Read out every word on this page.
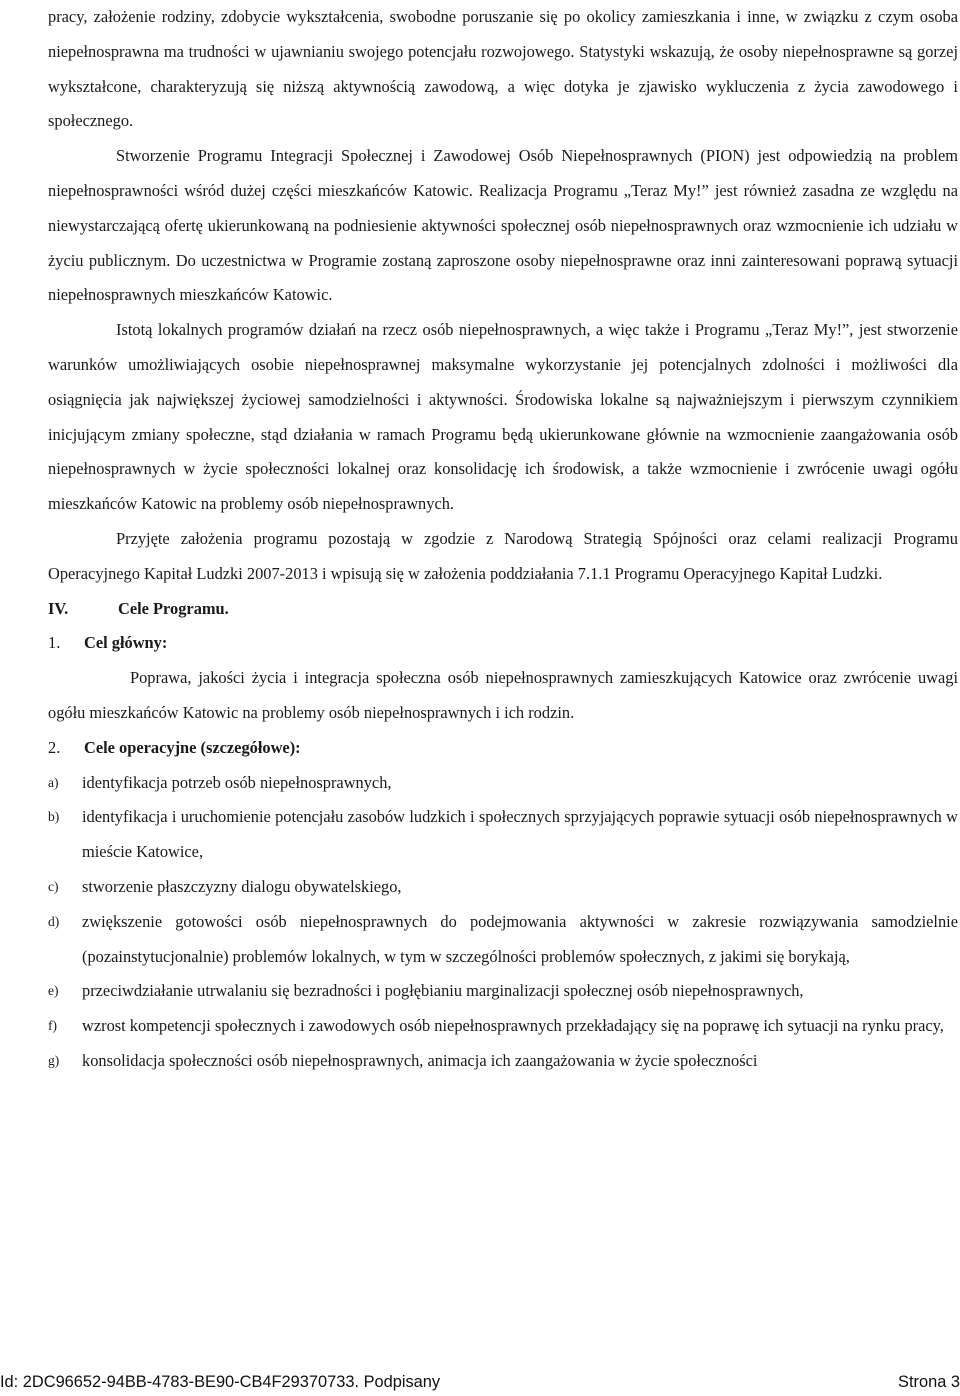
pracy, założenie rodziny, zdobycie wykształcenia, swobodne poruszanie się po okolicy zamieszkania i inne, w związku z czym osoba niepełnosprawna ma trudności w ujawnianiu swojego potencjału rozwojowego. Statystyki wskazują, że osoby niepełnosprawne są gorzej wykształcone, charakteryzują się niższą aktywnością zawodową, a więc dotyka je zjawisko wykluczenia z życia zawodowego i społecznego.

Stworzenie Programu Integracji Społecznej i Zawodowej Osób Niepełnosprawnych (PION) jest odpowiedzią na problem niepełnosprawności wśród dużej części mieszkańców Katowic. Realizacja Programu „Teraz My!” jest również zasadna ze względu na niewystarczającą ofertę ukierunkowaną na podniesienie aktywności społecznej osób niepełnosprawnych oraz wzmocnienie ich udziału w życiu publicznym. Do uczestnictwa w Programie zostaną zaproszone osoby niepełnosprawne oraz inni zainteresowani poprawą sytuacji niepełnosprawnych mieszkańców Katowic.

Istotą lokalnych programów działań na rzecz osób niepełnosprawnych, a więc także i Programu „Teraz My!”, jest stworzenie warunków umożliwiających osobie niepełnosprawnej maksymalne wykorzystanie jej potencjalnych zdolności i możliwości dla osiągnięcia jak największej życiowej samodzielności i aktywności. Środowiska lokalne są najważniejszym i pierwszym czynnikiem inicjującym zmiany społeczne, stąd działania w ramach Programu będą ukierunkowane głównie na wzmocnienie zaangażowania osób niepełnosprawnych w życie społeczności lokalnej oraz konsolidację ich środowisk, a także wzmocnienie i zwrócenie uwagi ogółu mieszkańców Katowic na problemy osób niepełnosprawnych.

Przyjęte założenia programu pozostają w zgodzie z Narodową Strategią Spójności oraz celami realizacji Programu Operacyjnego Kapitał Ludzki 2007-2013 i wpisują się w założenia poddziałania 7.1.1 Programu Operacyjnego Kapitał Ludzki.

IV.	Cele Programu.

1. Cel główny:

Poprawa, jakości życia i integracja społeczna osób niepełnosprawnych zamieszkujących Katowice oraz zwrócenie uwagi ogółu mieszkańców Katowic na problemy osób niepełnosprawnych i ich rodzin.

2. Cele operacyjne (szczegółowe):

a)	identyfikacja potrzeb osób niepełnosprawnych,
b)	identyfikacja i uruchomienie potencjału zasobów ludzkich i społecznych sprzyjających poprawie sytuacji osób niepełnosprawnych w mieście Katowice,
c)	stworzenie płaszczyzny dialogu obywatelskiego,
d)	zwiększenie gotowości osób niepełnosprawnych do podejmowania aktywności w zakresie rozwiązywania samodzielnie (pozainstytucjonalnie) problemów lokalnych, w tym w szczególności problemów społecznych, z jakimi się borykają,
e)	przeciwdziałanie utrwalaniu się bezradności i pogłębianiu marginalizacji społecznej osób niepełnosprawnych,
f)	wzrost kompetencji społecznych i zawodowych osób niepełnosprawnych przekładający się na poprawę ich sytuacji na rynku pracy,
g)	konsolidacja społeczności osób niepełnosprawnych, animacja ich zaangażowania w życie społeczności
Id: 2DC96652-94BB-4783-BE90-CB4F29370733. Podpisany	Strona 3
